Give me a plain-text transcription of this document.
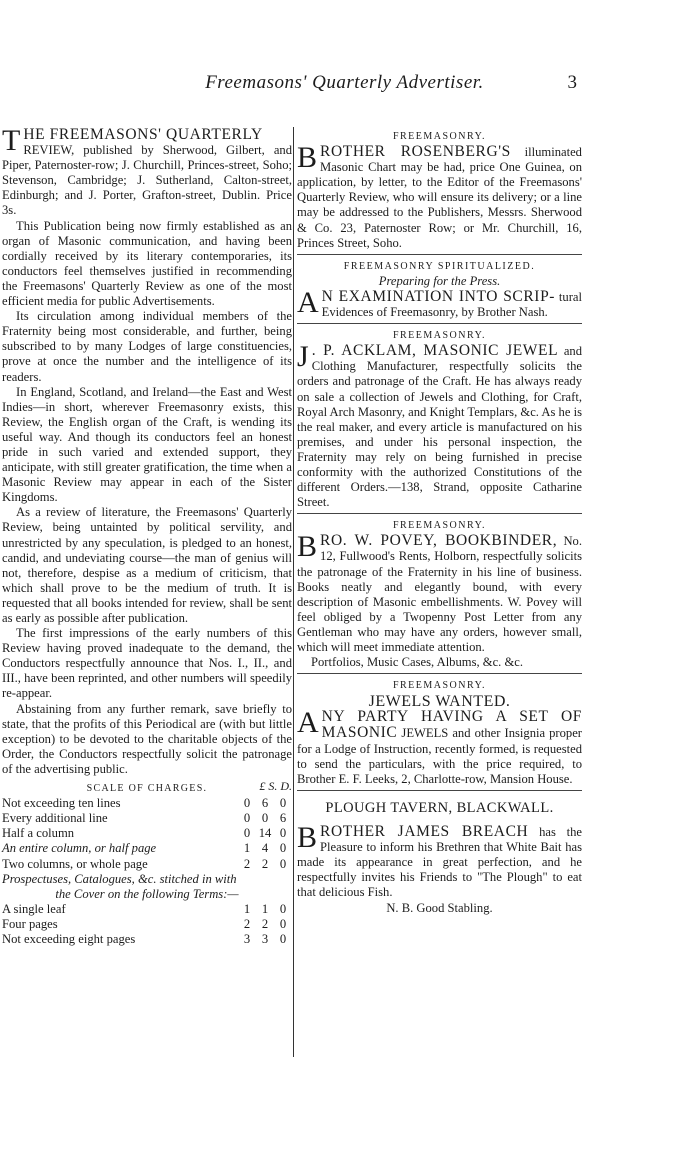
Freemasons' Quarterly Advertiser.	3
T HE FREEMASONS' QUARTERLY

REVIEW, published by Sherwood, Gilbert, and Piper, Paternoster-row; J. Churchill, Princes-street, Soho; Stevenson, Cambridge; J. Sutherland, Calton-street, Edinburgh; and J. Porter, Grafton-street, Dublin. Price 3s.

This Publication being now firmly established as an organ of Masonic communication, and having been cordially received by its literary contemporaries, its conductors feel themselves justified in recommending the Freemasons' Quarterly Review as one of the most efficient media for public Advertisements.

Its circulation among individual members of the Fraternity being most considerable, and further, being subscribed to by many Lodges of large constituencies, prove at once the number and the intelligence of its readers.

In England, Scotland, and Ireland—the East and West Indies—in short, wherever Freemasonry exists, this Review, the English organ of the Craft, is wending its useful way. And though its conductors feel an honest pride in such varied and extended support, they anticipate, with still greater gratification, the time when a Masonic Review may appear in each of the Sister Kingdoms.

As a review of literature, the Freemasons' Quarterly Review, being untainted by political servility, and unrestricted by any speculation, is pledged to an honest, candid, and undeviating course—the man of genius will not, therefore, despise as a medium of criticism, that which shall prove to be the medium of truth. It is requested that all books intended for review, shall be sent as early as possible after publication.

The first impressions of the early numbers of this Review having proved inadequate to the demand, the Conductors respectfully announce that Nos. I., II., and III., have been reprinted, and other numbers will speedily re-appear.

Abstaining from any further remark, save briefly to state, that the profits of this Periodical are (with but little exception) to be devoted to the charitable objects of the Order, the Conductors respectfully solicit the patronage of the advertising public.

SCALE OF CHARGES.	£ S. D.
Not exceeding ten lines	0	6	0
Every additional line	0	0	6
Half a column	0	14	0
An entire column, or half page	1	4	0
Two columns, or whole page	2	2	0

Prospectuses, Catalogues, &c. stitched in with

the Cover on the following Terms:—

A single leaf	1	1	0
Four pages	2	2	0
Not exceeding eight pages	3	3	0
FREEMASONRY.
B ROTHER ROSENBERG'S illuminated Masonic Chart may be had, price One Guinea, on application, by letter, to the Editor of the Freemasons' Quarterly Review, who will ensure its delivery; or a line may be addressed to the Publishers, Messrs. Sherwood & Co. 23, Paternoster Row; or Mr. Churchill, 16, Princes Street, Soho.
FREEMASONRY SPIRITUALIZED.
Preparing for the Press.
A N EXAMINATION INTO SCRIP- tural Evidences of Freemasonry, by Brother Nash.
FREEMASONRY.
J . P. ACKLAM, MASONIC JEWEL and Clothing Manufacturer, respectfully solicits the orders and patronage of the Craft. He has always ready on sale a collection of Jewels and Clothing, for Craft, Royal Arch Masonry, and Knight Templars, &c. As he is the real maker, and every article is manufactured on his premises, and under his personal inspection, the Fraternity may rely on being furnished in precise conformity with the authorized Constitutions of the different Orders.—138, Strand, opposite Catharine Street.
FREEMASONRY.
B RO. W. POVEY, BOOKBINDER, No. 12, Fullwood's Rents, Holborn, respectfully solicits the patronage of the Fraternity in his line of business. Books neatly and elegantly bound, with every description of Masonic embellishments. W. Povey will feel obliged by a Twopenny Post Letter from any Gentleman who may have any orders, however small, which will meet immediate attention.

Portfolios, Music Cases, Albums, &c. &c.

FREEMASONRY.
JEWELS WANTED.
A NY PARTY HAVING A SET OF MASONIC JEWELS and other Insignia proper for a Lodge of Instruction, recently formed, is requested to send the particulars, with the price required, to Brother E. F. Leeks, 2, Charlotte-row, Mansion House.
PLOUGH TAVERN, BLACKWALL.
B ROTHER JAMES BREACH has the Pleasure to inform his Brethren that White Bait has made its appearance in great perfection, and he respectfully invites his Friends to "The Plough" to eat that delicious Fish.
N. B. Good Stabling.
